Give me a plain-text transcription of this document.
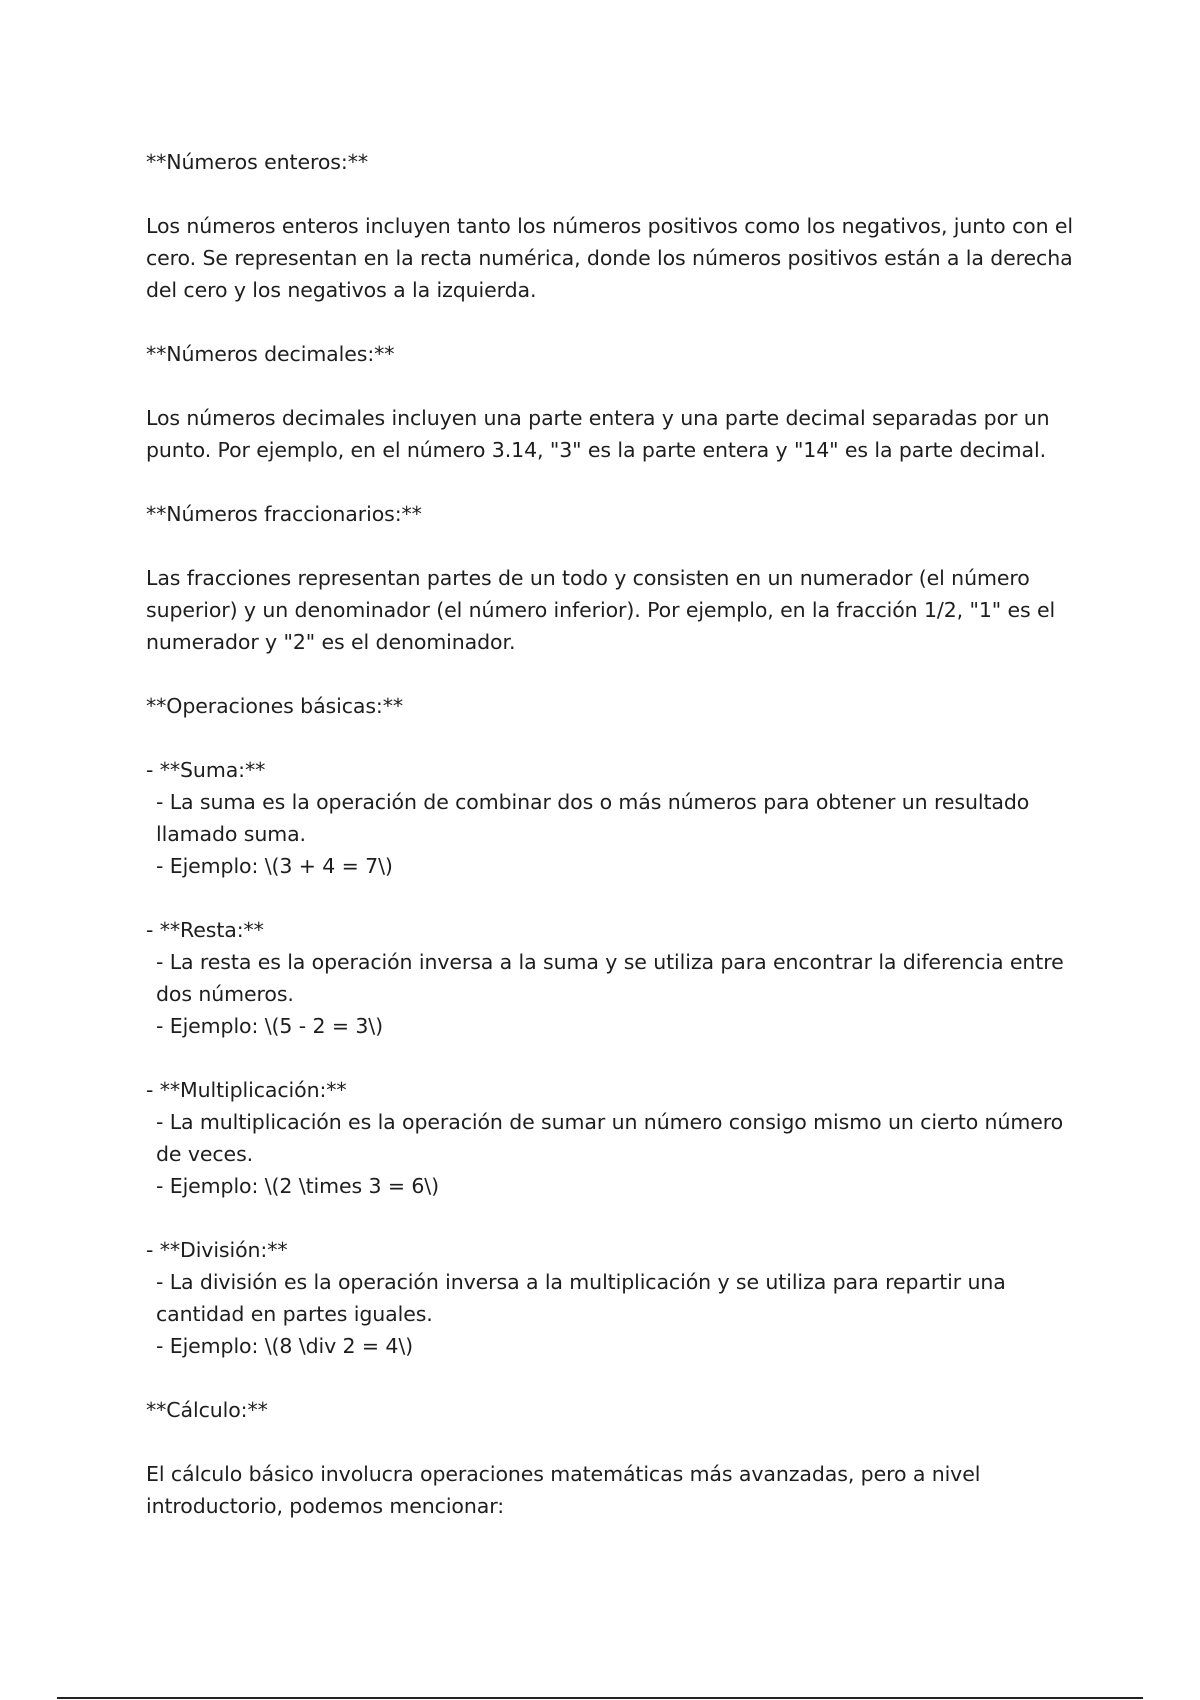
**Números enteros:**

Los números enteros incluyen tanto los números positivos como los negativos, junto con el cero. Se representan en la recta numérica, donde los números positivos están a la derecha del cero y los negativos a la izquierda.

**Números decimales:**

Los números decimales incluyen una parte entera y una parte decimal separadas por un punto. Por ejemplo, en el número 3.14, "3" es la parte entera y "14" es la parte decimal.

**Números fraccionarios:**

Las fracciones representan partes de un todo y consisten en un numerador (el número superior) y un denominador (el número inferior). Por ejemplo, en la fracción 1/2, "1" es el numerador y "2" es el denominador.

**Operaciones básicas:**

- **Suma:**
- La suma es la operación de combinar dos o más números para obtener un resultado llamado suma.
- Ejemplo: \(3 + 4 = 7\)
- **Resta:**
- La resta es la operación inversa a la suma y se utiliza para encontrar la diferencia entre dos números.
- Ejemplo: \(5 - 2 = 3\)
- **Multiplicación:**
- La multiplicación es la operación de sumar un número consigo mismo un cierto número de veces.
- Ejemplo: \(2 \times 3 = 6\)
- **División:**
- La división es la operación inversa a la multiplicación y se utiliza para repartir una cantidad en partes iguales.
- Ejemplo: \(8 \div 2 = 4\)

**Cálculo:**

El cálculo básico involucra operaciones matemáticas más avanzadas, pero a nivel introductorio, podemos mencionar:
